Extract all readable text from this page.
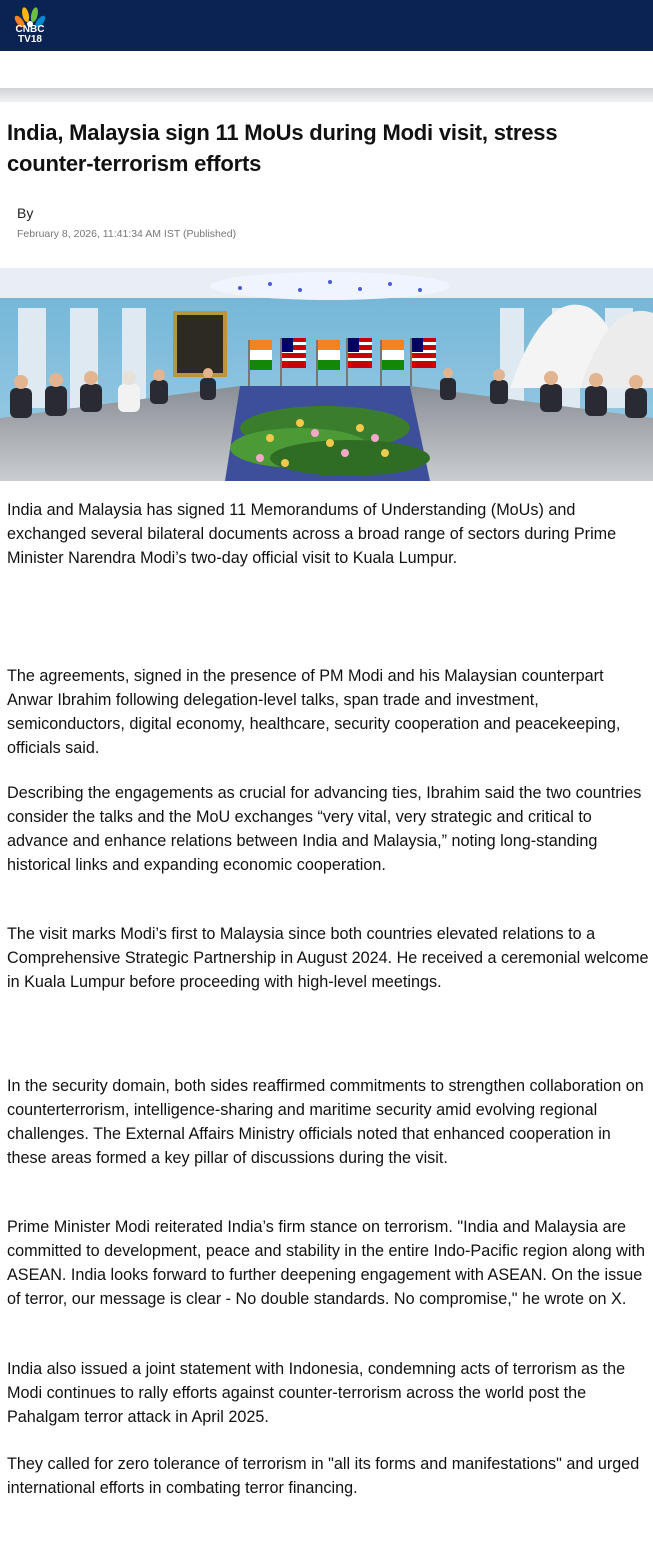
CNBC TV18
India, Malaysia sign 11 MoUs during Modi visit, stress counter-terrorism efforts
By
February 8, 2026, 11:41:34 AM IST (Published)

India and Malaysia has signed 11 Memorandums of Understanding (MoUs) and exchanged several bilateral documents across a broad range of sectors during Prime Minister Narendra Modi’s two-day official visit to Kuala Lumpur.

The agreements, signed in the presence of PM Modi and his Malaysian counterpart Anwar Ibrahim following delegation-level talks, span trade and investment, semiconductors, digital economy, healthcare, security cooperation and peacekeeping, officials said.

Describing the engagements as crucial for advancing ties, Ibrahim said the two countries consider the talks and the MoU exchanges “very vital, very strategic and critical to advance and enhance relations between India and Malaysia,” noting long-standing historical links and expanding economic cooperation.

The visit marks Modi’s first to Malaysia since both countries elevated relations to a Comprehensive Strategic Partnership in August 2024. He received a ceremonial welcome in Kuala Lumpur before proceeding with high-level meetings.

In the security domain, both sides reaffirmed commitments to strengthen collaboration on counterterrorism, intelligence-sharing and maritime security amid evolving regional challenges. The External Affairs Ministry officials noted that enhanced cooperation in these areas formed a key pillar of discussions during the visit.

Prime Minister Modi reiterated India’s firm stance on terrorism. "India and Malaysia are committed to development, peace and stability in the entire Indo-Pacific region along with ASEAN. India looks forward to further deepening engagement with ASEAN. On the issue of terror, our message is clear - No double standards. No compromise," he wrote on X.

India also issued a joint statement with Indonesia, condemning acts of terrorism as the Modi continues to rally efforts against counter-terrorism across the world post the Pahalgam terror attack in April 2025.

They called for zero tolerance of terrorism in "all its forms and manifestations" and urged international efforts in combating terror financing.
